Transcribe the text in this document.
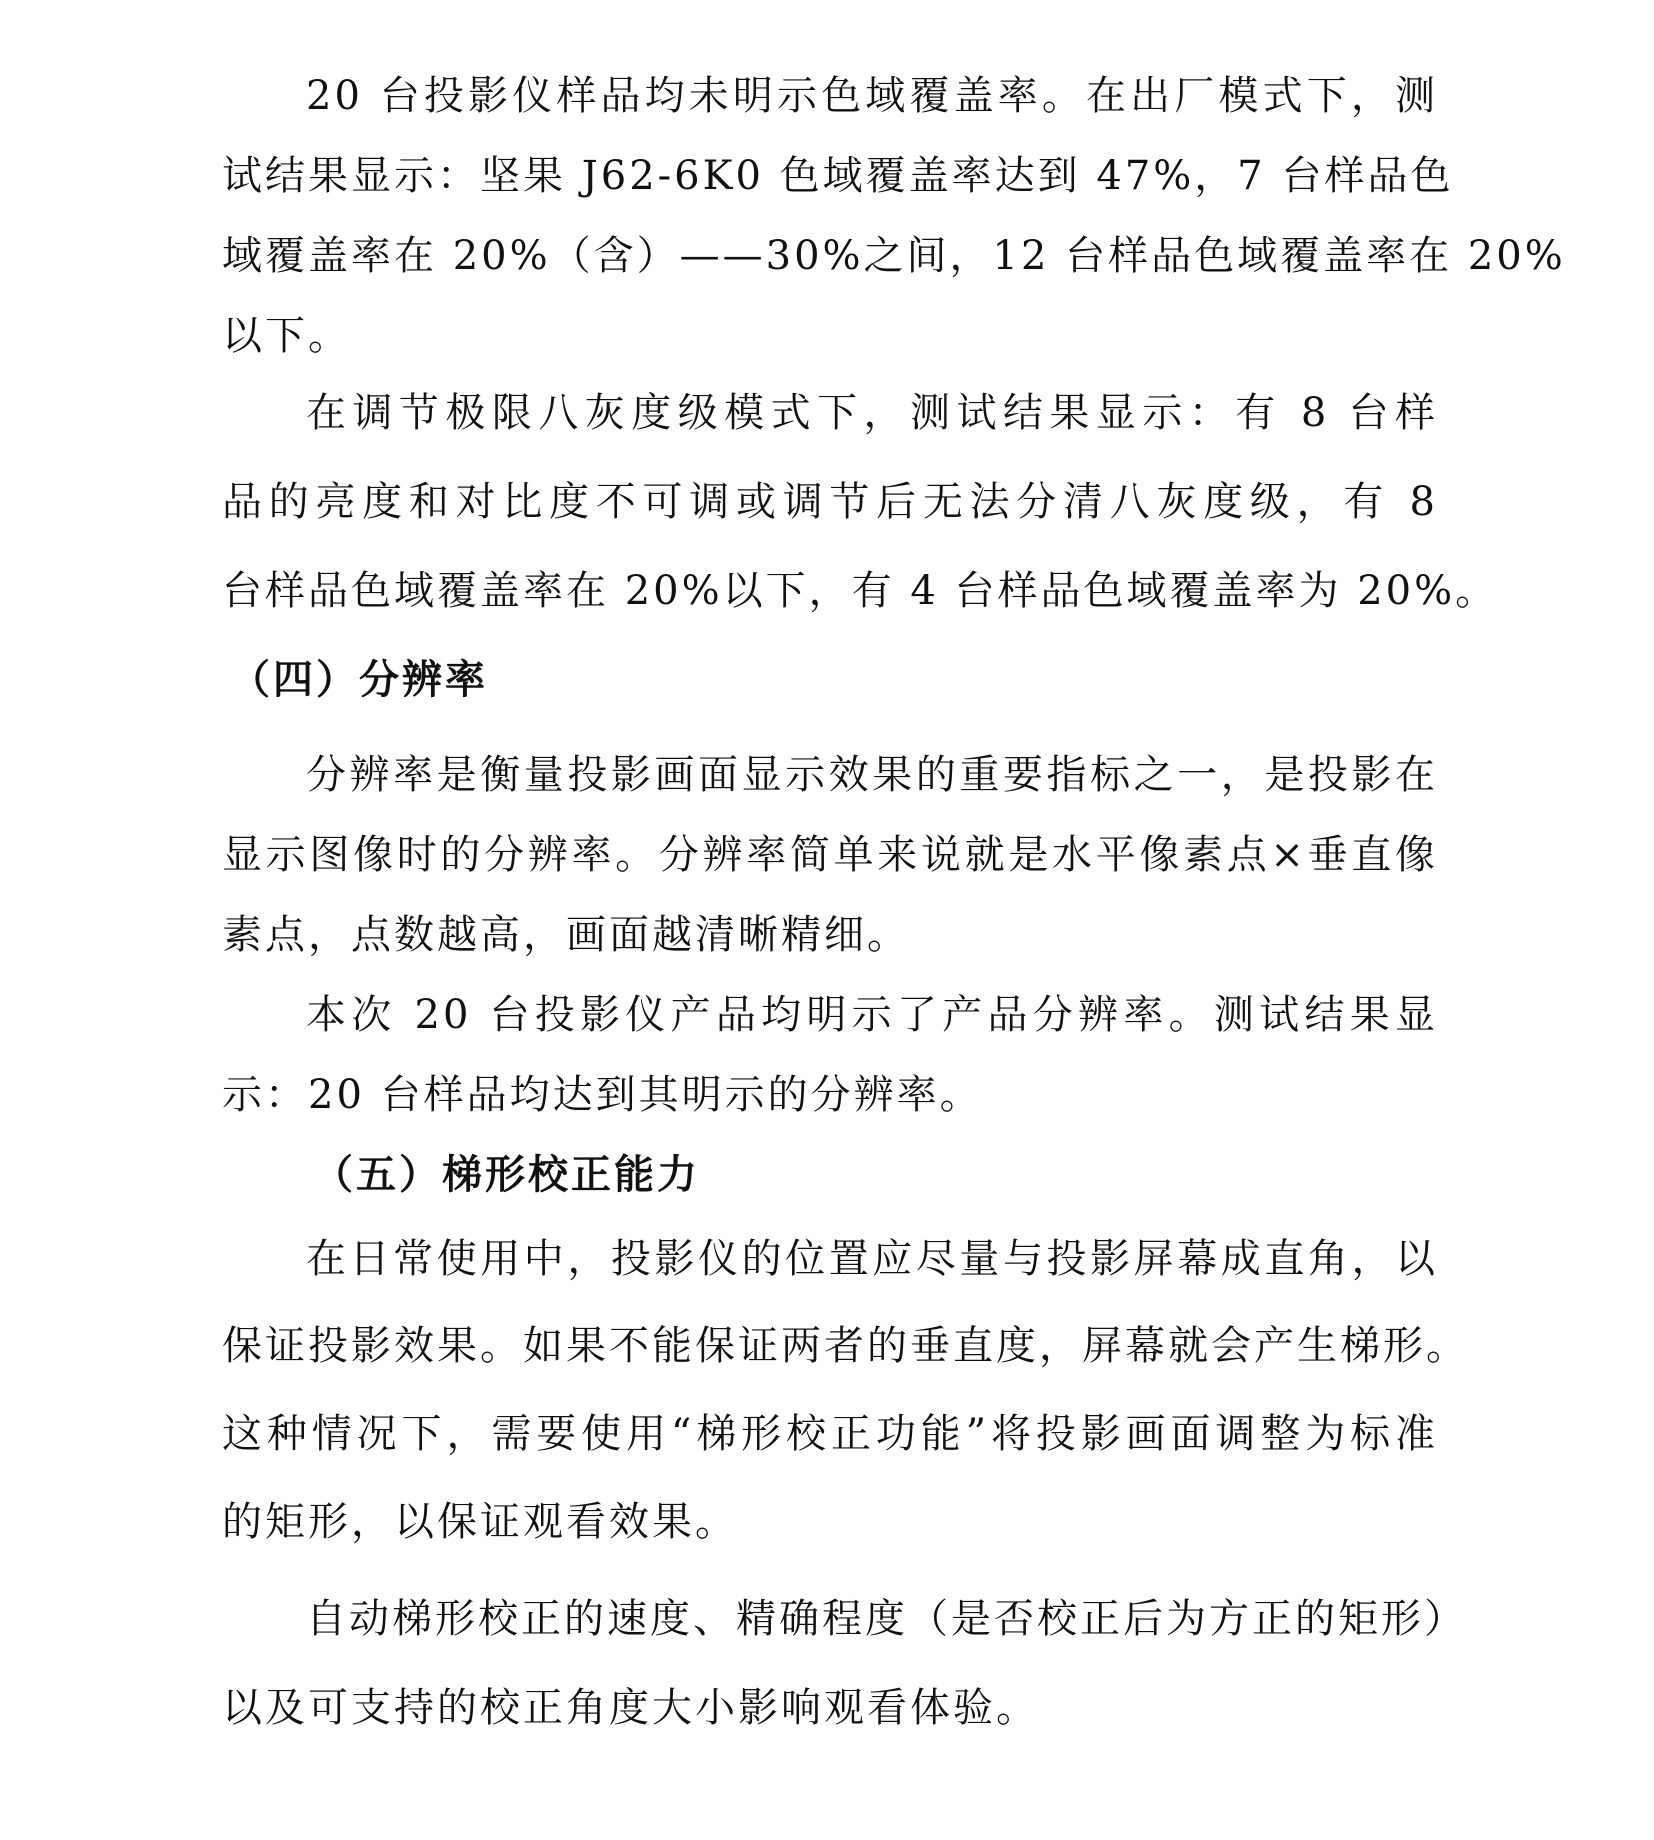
20 台投影仪样品均未明示色域覆盖率。在出厂模式下，测
试结果显示：坚果 J62-6K0 色域覆盖率达到 47%，7 台样品色
域覆盖率在 20%（含）——30%之间，12 台样品色域覆盖率在 20%
以下。
在调节极限八灰度级模式下，测试结果显示：有 8 台样
品的亮度和对比度不可调或调节后无法分清八灰度级，有 8
台样品色域覆盖率在 20%以下，有 4 台样品色域覆盖率为 20%。
（四）分辨率
分辨率是衡量投影画面显示效果的重要指标之一，是投影在
显示图像时的分辨率。分辨率简单来说就是水平像素点×垂直像
素点，点数越高，画面越清晰精细。
本次 20 台投影仪产品均明示了产品分辨率。测试结果显
示：20 台样品均达到其明示的分辨率。
（五）梯形校正能力
在日常使用中，投影仪的位置应尽量与投影屏幕成直角，以
保证投影效果。如果不能保证两者的垂直度，屏幕就会产生梯形。
这种情况下，需要使用“梯形校正功能”将投影画面调整为标准
的矩形，以保证观看效果。
自动梯形校正的速度、精确程度（是否校正后为方正的矩形）
以及可支持的校正角度大小影响观看体验。
